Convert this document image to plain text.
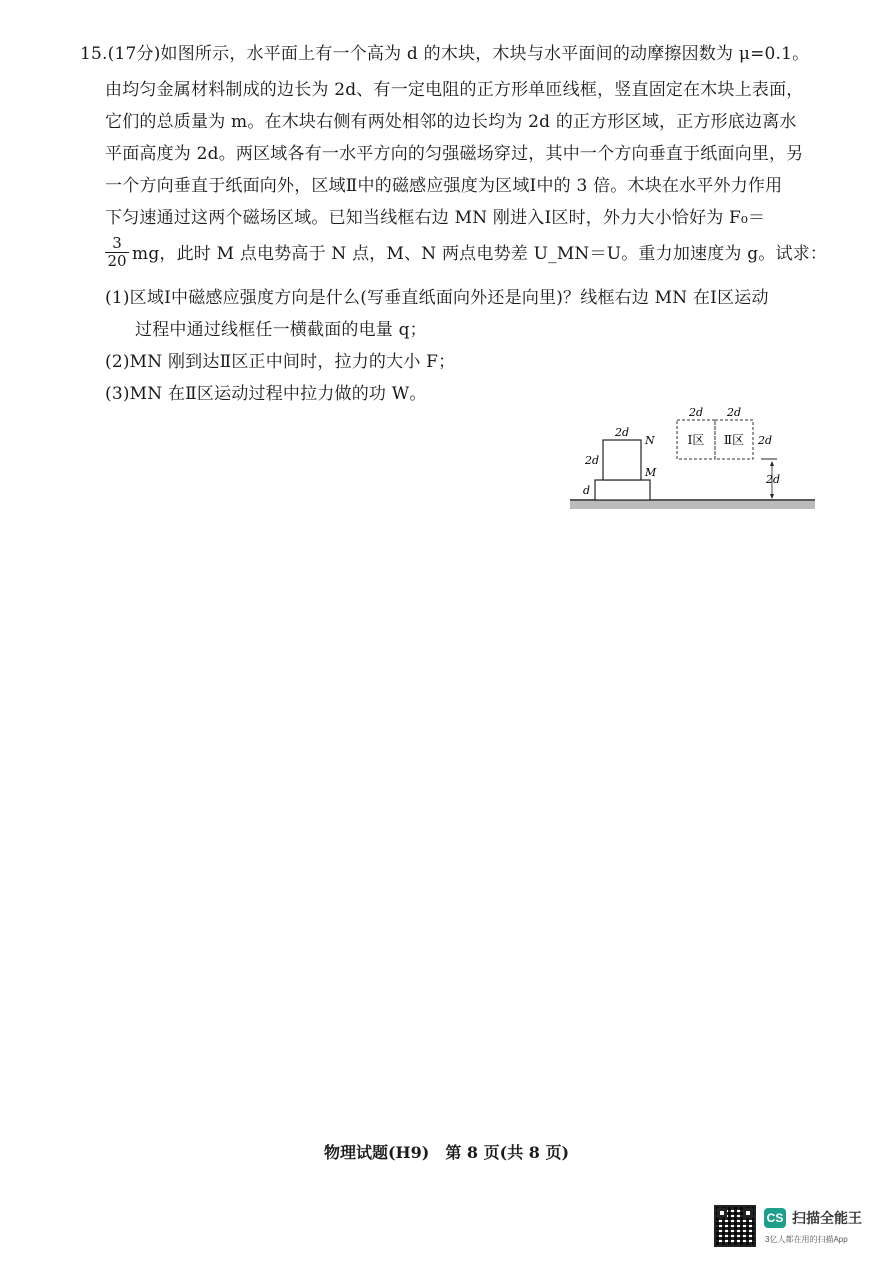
15.(17分)如图所示，水平面上有一个高为 d 的木块，木块与水平面间的动摩擦因数为 μ=0.1。
由均匀金属材料制成的边长为 2d、有一定电阻的正方形单匝线框，竖直固定在木块上表面，
它们的总质量为 m。在木块右侧有两处相邻的边长均为 2d 的正方形区域，正方形底边离水
平面高度为 2d。两区域各有一水平方向的匀强磁场穿过，其中一个方向垂直于纸面向里，另
一个方向垂直于纸面向外，区域Ⅱ中的磁感应强度为区域Ⅰ中的 3 倍。木块在水平外力作用
下匀速通过这两个磁场区域。已知当线框右边 MN 刚进入Ⅰ区时，外力大小恰好为 F₀＝
$\frac{3}{20}$ mg，此时 M 点电势高于 N 点，M、N 两点电势差 U_MN＝U。重力加速度为 g。试求：
(1)区域Ⅰ中磁感应强度方向是什么(写垂直纸面向外还是向里)？线框右边 MN 在Ⅰ区运动
过程中通过线框任一横截面的电量 q；
(2)MN 刚到达Ⅱ区正中间时，拉力的大小 F；
(3)MN 在Ⅱ区运动过程中拉力做的功 W。
2d
N
2d
M
d
2d 2d
Ⅰ区 Ⅱ区 2d
2d
物理试题(H9)　第 8 页(共 8 页)
CS 扫描全能王
3亿人都在用的扫描App
